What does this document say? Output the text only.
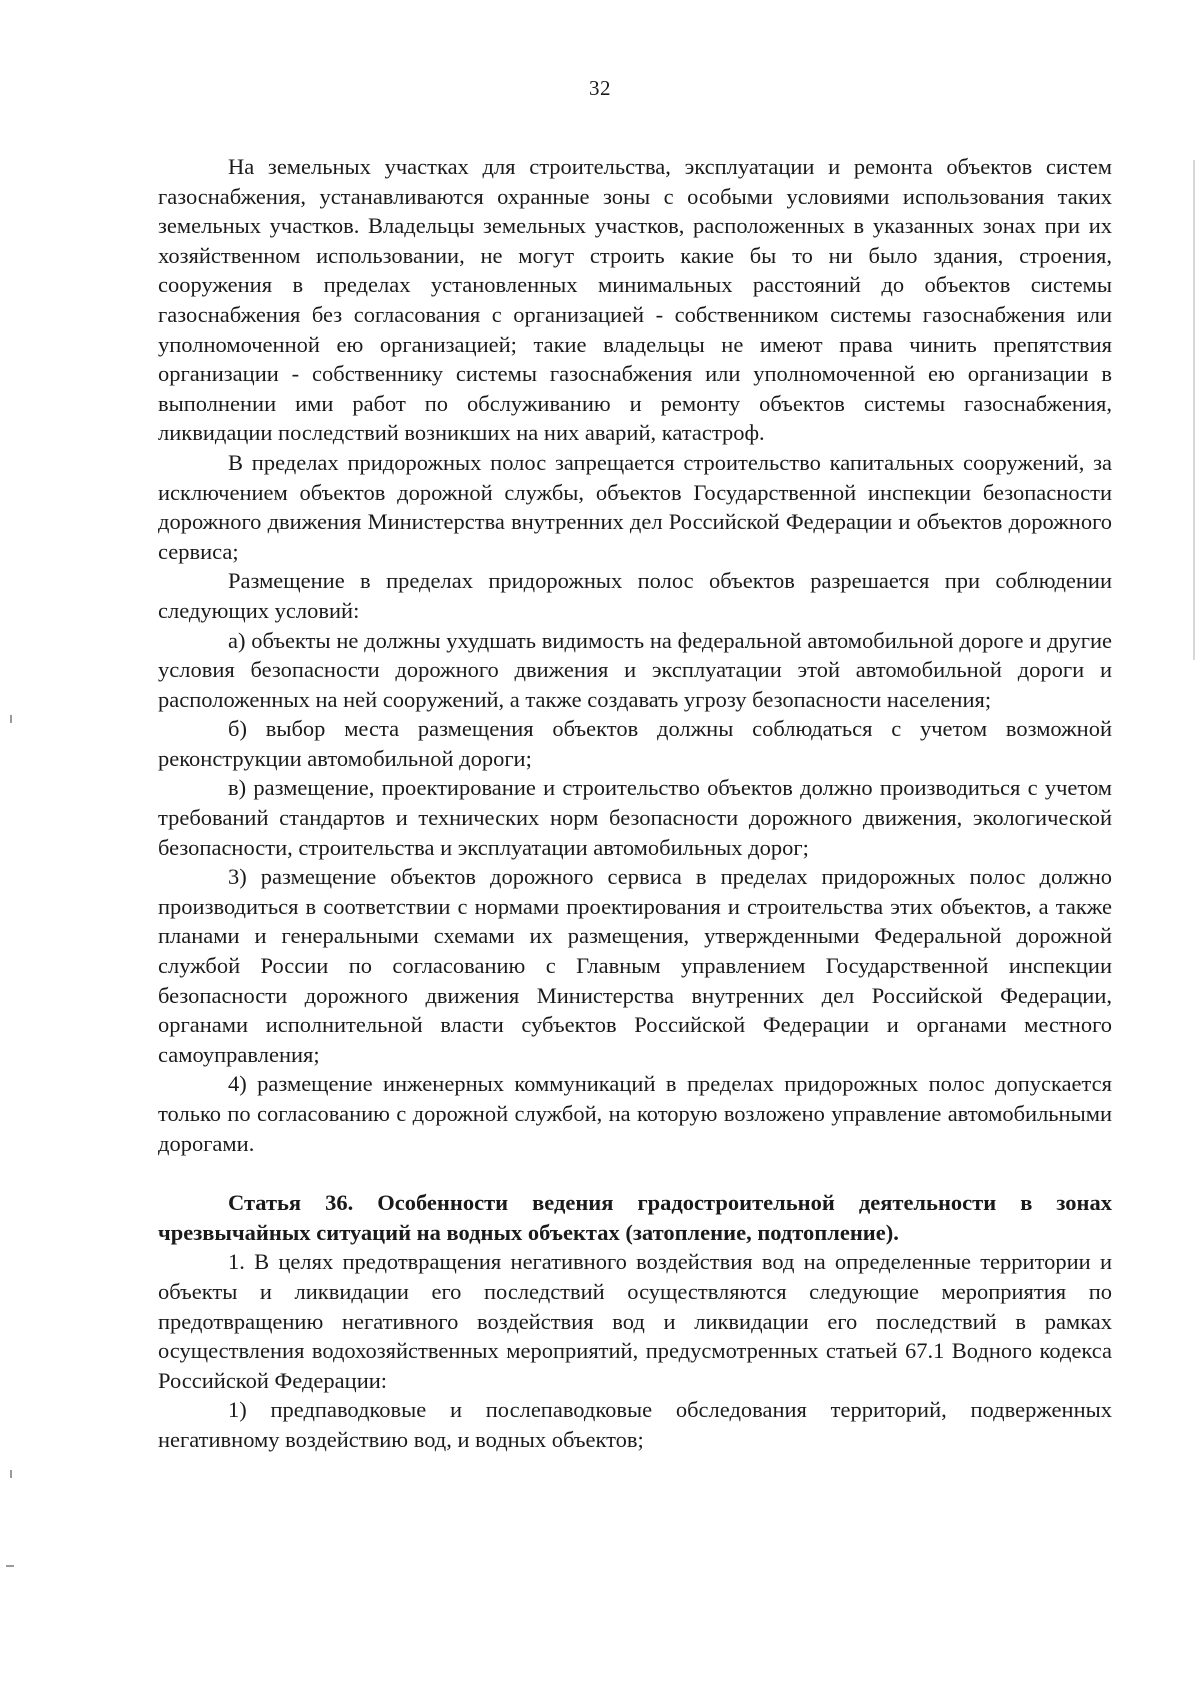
32

На земельных участках для строительства, эксплуатации и ремонта объектов систем газоснабжения, устанавливаются охранные зоны с особыми условиями использования таких земельных участков. Владельцы земельных участков, расположенных в указанных зонах при их хозяйственном использовании, не могут строить какие бы то ни было здания, строения, сооружения в пределах установленных минимальных расстояний до объектов системы газоснабжения без согласования с организацией - собственником системы газоснабжения или уполномоченной ею организацией; такие владельцы не имеют права чинить препятствия организации - собственнику системы газоснабжения или уполномоченной ею организации в выполнении ими работ по обслуживанию и ремонту объектов системы газоснабжения, ликвидации последствий возникших на них аварий, катастроф.

В пределах придорожных полос запрещается строительство капитальных сооружений, за исключением объектов дорожной службы, объектов Государственной инспекции безопасности дорожного движения Министерства внутренних дел Российской Федерации и объектов дорожного сервиса;

Размещение в пределах придорожных полос объектов разрешается при соблюдении следующих условий:

а) объекты не должны ухудшать видимость на федеральной автомобильной дороге и другие условия безопасности дорожного движения и эксплуатации этой автомобильной дороги и расположенных на ней сооружений, а также создавать угрозу безопасности населения;

б) выбор места размещения объектов должны соблюдаться с учетом возможной реконструкции автомобильной дороги;

в) размещение, проектирование и строительство объектов должно производиться с учетом требований стандартов и технических норм безопасности дорожного движения, экологической безопасности, строительства и эксплуатации автомобильных дорог;

3) размещение объектов дорожного сервиса в пределах придорожных полос должно производиться в соответствии с нормами проектирования и строительства этих объектов, а также планами и генеральными схемами их размещения, утвержденными Федеральной дорожной службой России по согласованию с Главным управлением Государственной инспекции безопасности дорожного движения Министерства внутренних дел Российской Федерации, органами исполнительной власти субъектов Российской Федерации и органами местного самоуправления;

4) размещение инженерных коммуникаций в пределах придорожных полос допускается только по согласованию с дорожной службой, на которую возложено управление автомобильными дорогами.

Статья 36. Особенности ведения градостроительной деятельности в зонах чрезвычайных ситуаций на водных объектах (затопление, подтопление).

1. В целях предотвращения негативного воздействия вод на определенные территории и объекты и ликвидации его последствий осуществляются следующие мероприятия по предотвращению негативного воздействия вод и ликвидации его последствий в рамках осуществления водохозяйственных мероприятий, предусмотренных статьей 67.1 Водного кодекса Российской Федерации:

1) предпаводковые и послепаводковые обследования территорий, подверженных негативному воздействию вод, и водных объектов;
